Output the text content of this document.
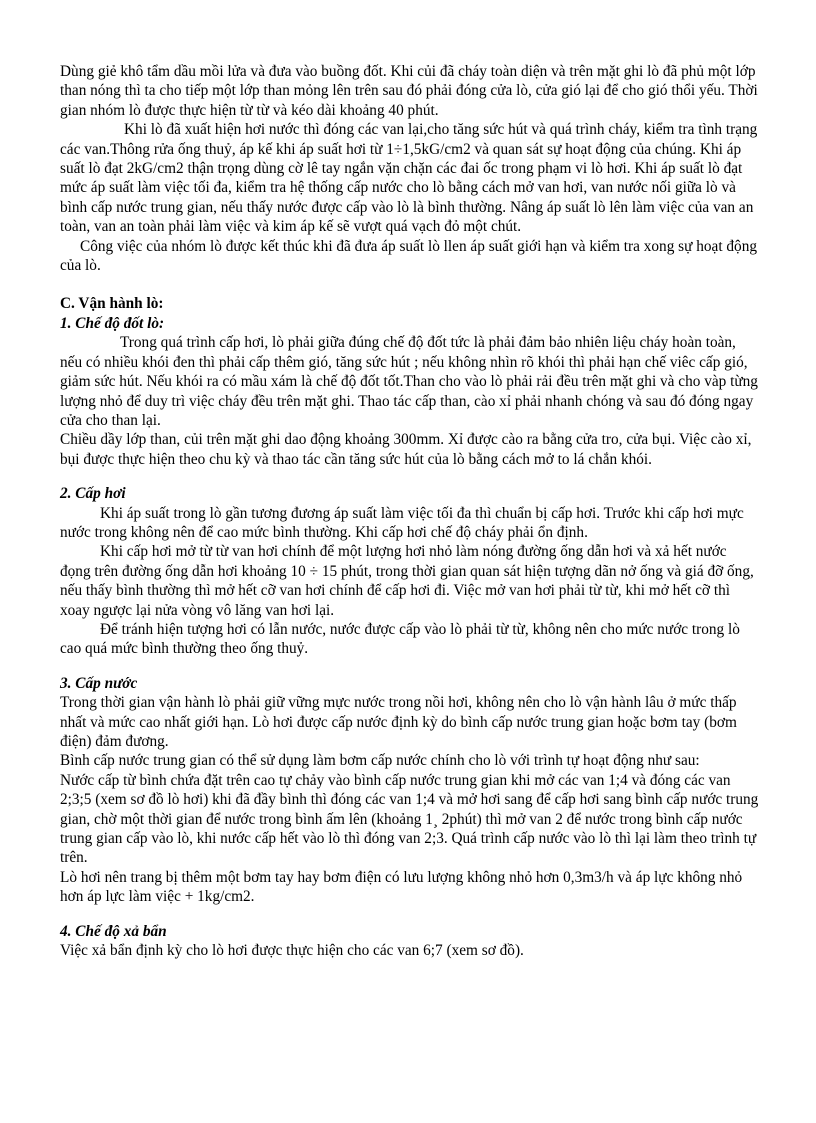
Dùng giẻ khô tẩm dầu mồi lửa và đưa vào buồng đốt. Khi củi đã cháy toàn diện và trên mặt ghi lò đã phủ một lớp than nóng thì ta cho tiếp một lớp than mỏng lên trên sau đó phải đóng cửa lò, cửa gió lại để cho gió thổi yếu. Thời gian nhóm lò được thực hiện từ từ và kéo dài khoảng 40 phút.

Khi lò đã xuất hiện hơi nước thì đóng các van lại,cho tăng sức hút và quá trình cháy, kiểm tra tình trạng các van.Thông rửa ống thuỷ, áp kế khi áp suất hơi từ 1÷1,5kG/cm2 và quan sát sự hoạt động của chúng. Khi áp suất lò đạt 2kG/cm2 thận trọng dùng cờ lê tay ngắn vặn chặn các đai ốc trong phạm vi lò hơi. Khi áp suất lò đạt mức áp suất làm việc tối đa, kiểm tra hệ thống cấp nước cho lò bằng cách mở van hơi, van nước nối giữa lò và bình cấp nước trung gian, nếu thấy nước được cấp vào lò là bình thường. Nâng áp suất lò lên làm việc của van an toàn, van an toàn phải làm việc và kim áp kế sẽ vượt quá vạch đỏ một chút.

Công việc của nhóm lò được kết thúc khi đã đưa áp suất lò llen áp suất giới hạn và kiểm tra xong sự hoạt động của lò.

C. Vận hành lò:

1. Chế độ đốt lò:

Trong quá trình cấp hơi, lò phải giữa đúng chế độ đốt tức là phải đảm bảo nhiên liệu cháy hoàn toàn, nếu có nhiều khói đen thì phải cấp thêm gió, tăng sức hút ; nếu không nhìn rõ khói thì phải hạn chế viêc cấp gió, giảm sức hút. Nếu khói ra có mầu xám là chế độ đốt tốt.Than cho vào lò phải rải đều trên mặt ghi và cho vàp từng lượng nhỏ để duy trì việc cháy đều trên mặt ghi. Thao tác cấp than, cào xỉ phải nhanh chóng và sau đó đóng ngay cửa cho than lại.

Chiều dầy lớp than, củi trên mặt ghi dao động khoảng 300mm. Xỉ được cào ra bằng cửa tro, cửa bụi. Việc cào xỉ, bụi được thực hiện theo chu kỳ và thao tác cần tăng sức hút của lò bằng cách mở to lá chắn khói.

2. Cấp hơi

Khi áp suất trong lò gần tương đương áp suất làm việc tối đa thì chuẩn bị cấp hơi. Trước khi cấp hơi mực nước trong không nên để cao mức bình thường. Khi cấp hơi chế độ cháy phải ổn định.

Khi cấp hơi mở từ từ van hơi chính để một lượng hơi nhỏ làm nóng đường ống dẫn hơi và xả hết nước đọng trên đường ống dẫn hơi khoảng 10 ÷ 15 phút, trong thời gian quan sát hiện tượng dãn nở ống và giá đỡ ống, nếu thấy bình thường thì mở hết cỡ van hơi chính để cấp hơi đi. Việc mở van hơi phải từ từ, khi mở hết cỡ thì xoay ngược lại nửa vòng vô lăng van hơi lại.

Để tránh hiện tượng hơi có lẫn nước, nước được cấp vào lò phải từ từ, không nên cho mức nước trong lò cao quá mức bình thường theo ống thuỷ.

3. Cấp nước

Trong thời gian vận hành lò phải giữ vững mực nước trong nồi hơi, không nên cho lò vận hành lâu ở mức thấp nhất và mức cao nhất giới hạn. Lò hơi được cấp nước định kỳ do bình cấp nước trung gian hoặc bơm tay (bơm điện) đảm đương.

Bình cấp nước trung gian có thể sử dụng làm bơm cấp nước chính cho lò với trình tự hoạt động như sau:

Nước cấp từ bình chứa đặt trên cao tự chảy vào bình cấp nước trung gian khi mở các van 1;4 và đóng các van 2;3;5 (xem sơ đồ lò hơi) khi đã đầy bình thì đóng các van 1;4 và mở hơi sang để cấp hơi sang bình cấp nước trung gian, chờ một thời gian để nước trong bình ấm lên (khoảng 1¸ 2phút) thì mở van 2 để nước trong bình cấp nước trung gian cấp vào lò, khi nước cấp hết vào lò thì đóng van 2;3. Quá trình cấp nước vào lò thì lại làm theo trình tự trên.

Lò hơi nên trang bị thêm một bơm tay hay bơm điện có lưu lượng không nhỏ hơn 0,3m3/h và áp lực không nhỏ hơn áp lực làm việc + 1kg/cm2.

4. Chế độ xả bẩn

Việc xả bẩn định kỳ cho lò hơi được thực hiện cho các van 6;7 (xem sơ đồ).
